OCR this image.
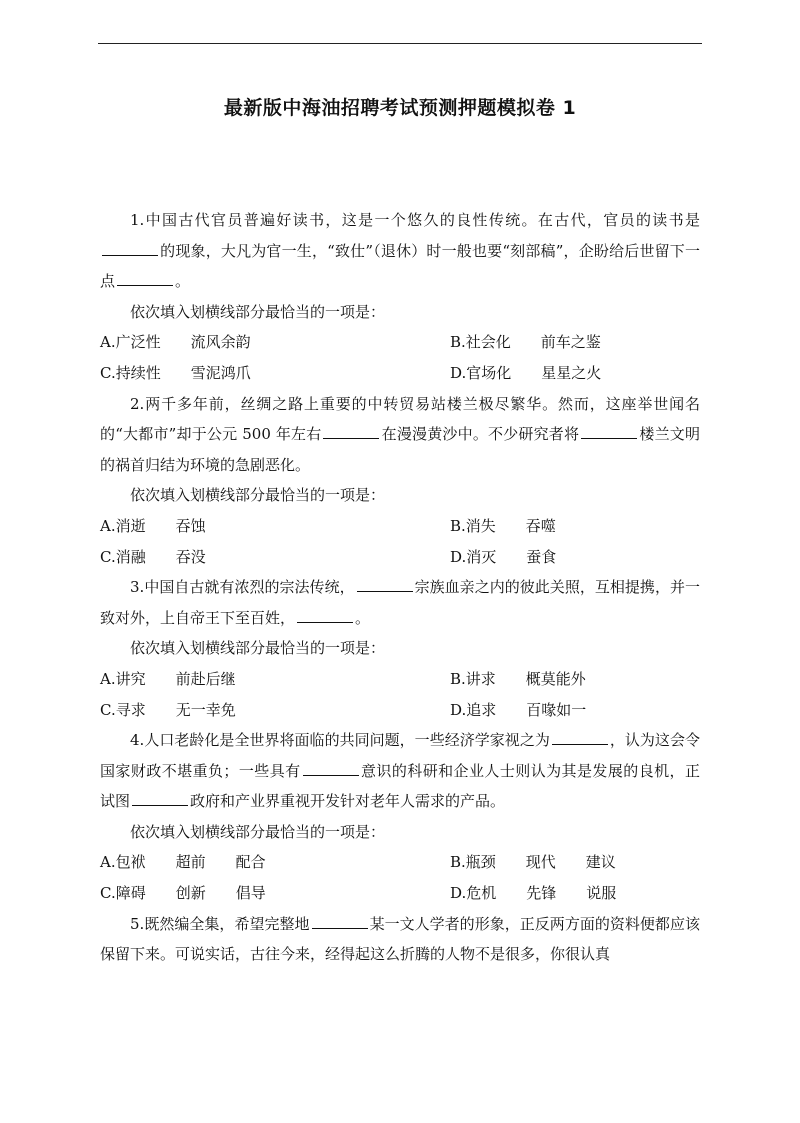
最新版中海油招聘考试预测押题模拟卷 1
1.中国古代官员普遍好读书，这是一个悠久的良性传统。在古代，官员的读书是的现象，大凡为官一生，“致仕”（退休）时一般也要“刻部稿”，企盼给后世留下一点	。
依次填入划横线部分最恰当的一项是：
A.广泛性　　流风余韵	B.社会化　　前车之鉴
C.持续性　　雪泥鸿爪	D.官场化　　星星之火
2.两千多年前，丝绸之路上重要的中转贸易站楼兰极尽繁华。然而，这座举世闻名的“大都市”却于公元 500 年左右	在漫漫黄沙中。不少研究者将	楼兰文明的祸首归结为环境的急剧恶化。
依次填入划横线部分最恰当的一项是：
A.消逝　　吞蚀	B.消失　　吞噬
C.消融　　吞没	D.消灭　　蚕食
3.中国自古就有浓烈的宗法传统，	宗族血亲之内的彼此关照，互相提携，并一致对外，上自帝王下至百姓，	。
依次填入划横线部分最恰当的一项是：
A.讲究　　前赴后继	B.讲求　　概莫能外
C.寻求　　无一幸免	D.追求　　百喙如一
4.人口老龄化是全世界将面临的共同问题，一些经济学家视之为	，认为这会令国家财政不堪重负；一些具有	意识的科研和企业人士则认为其是发展的良机，正试图	政府和产业界重视开发针对老年人需求的产品。
依次填入划横线部分最恰当的一项是：
A.包袱　　超前　　配合	B.瓶颈　　现代　　建议
C.障碍　　创新　　倡导	D.危机　　先锋　　说服
5.既然编全集，希望完整地	某一文人学者的形象，正反两方面的资料便都应该保留下来。可说实话，古往今来，经得起这么折腾的人物不是很多，你很认真
